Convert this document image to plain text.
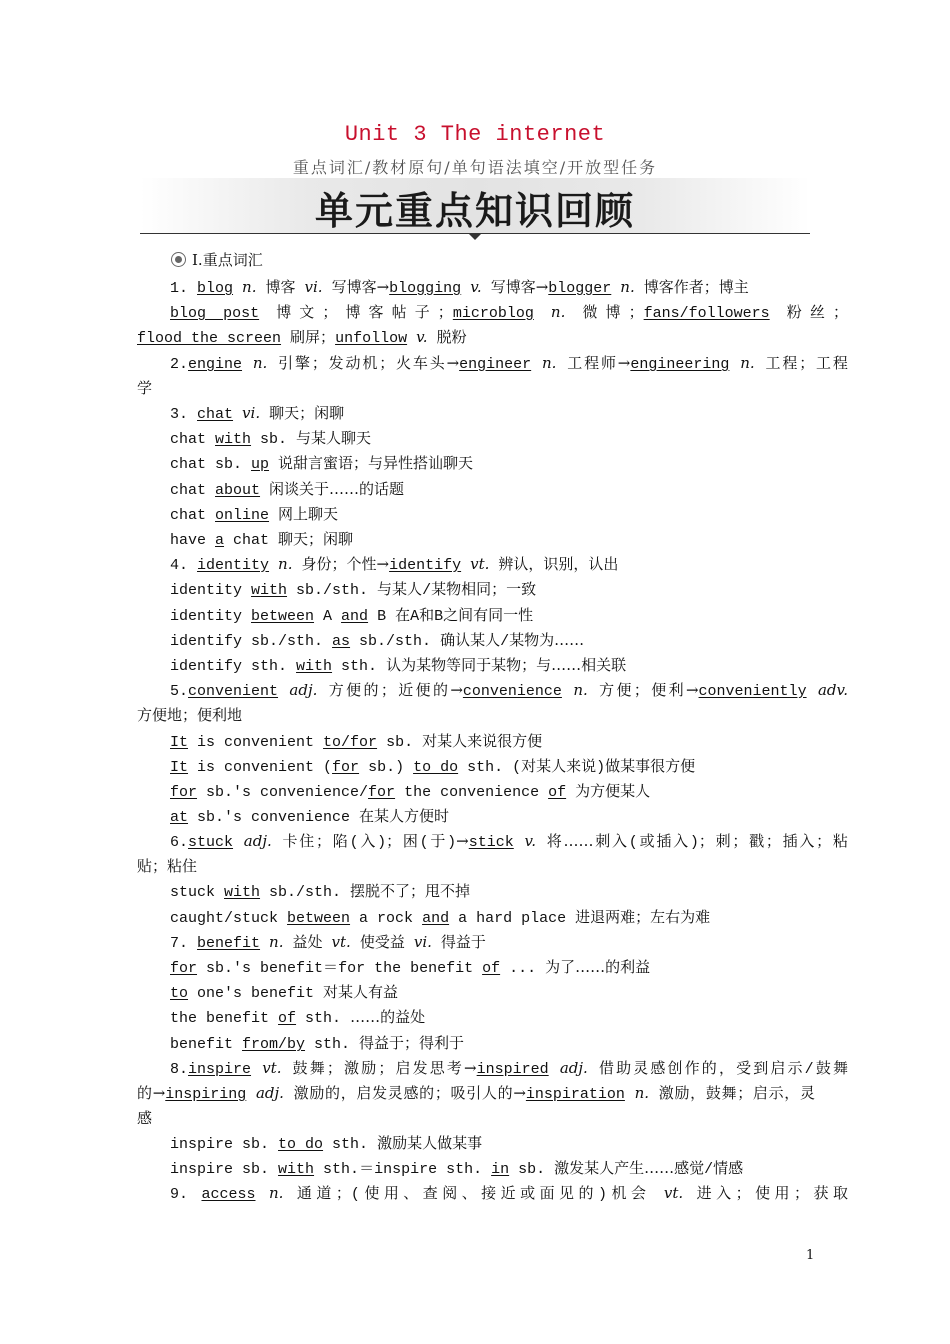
Unit 3 The internet
重点词汇/教材原句/单句语法填空/开放型任务
单元重点知识回顾
Ⅰ.重点词汇
1. blog n. 博客 vi. 写博客→blogging v. 写博客→blogger n. 博客作者；博主
blog post 博文；博客帖子；microblog n. 微博；fans/followers 粉丝；
flood the screen 刷屏；unfollow v. 脱粉
2.engine n. 引擎；发动机；火车头→engineer n. 工程师→engineering n. 工程；工程
学
3. chat vi. 聊天；闲聊
chat with sb. 与某人聊天
chat sb. up 说甜言蜜语；与异性搭讪聊天
chat about 闲谈关于……的话题
chat online 网上聊天
have a chat 聊天；闲聊
4. identity n. 身份；个性→identify vt. 辨认，识别，认出
identity with sb./sth. 与某人/某物相同；一致
identity between A and B 在A和B之间有同一性
identify sb./sth. as sb./sth. 确认某人/某物为……
identify sth. with sth. 认为某物等同于某物；与……相关联
5.convenient adj. 方便的；近便的→convenience n. 方便；便利→conveniently adv.
方便地；便利地
It is convenient to/for sb. 对某人来说很方便
It is convenient (for sb.) to do sth. (对某人来说)做某事很方便
for sb.'s convenience/for the convenience of 为方便某人
at sb.'s convenience 在某人方便时
6.stuck adj. 卡住；陷(入)；困(于)→stick v. 将……刺入(或插入)；刺；戳；插入；粘
贴；粘住
stuck with sb./sth. 摆脱不了；甩不掉
caught/stuck between a rock and a hard place 进退两难；左右为难
7. benefit n. 益处 vt. 使受益 vi. 得益于
for sb.'s benefit＝for the benefit of ... 为了……的利益
to one's benefit 对某人有益
the benefit of sth. ……的益处
benefit from/by sth. 得益于；得利于
8.inspire vt. 鼓舞；激励；启发思考→inspired adj. 借助灵感创作的，受到启示/鼓舞
的→inspiring adj. 激励的，启发灵感的；吸引人的→inspiration n. 激励，鼓舞；启示，灵
感
inspire sb. to do sth. 激励某人做某事
inspire sb. with sth.＝inspire sth. in sb. 激发某人产生……感觉/情感
9. access n. 通道；(使用、查阅、接近或面见的)机会 vt. 进入；使用；获取
1
